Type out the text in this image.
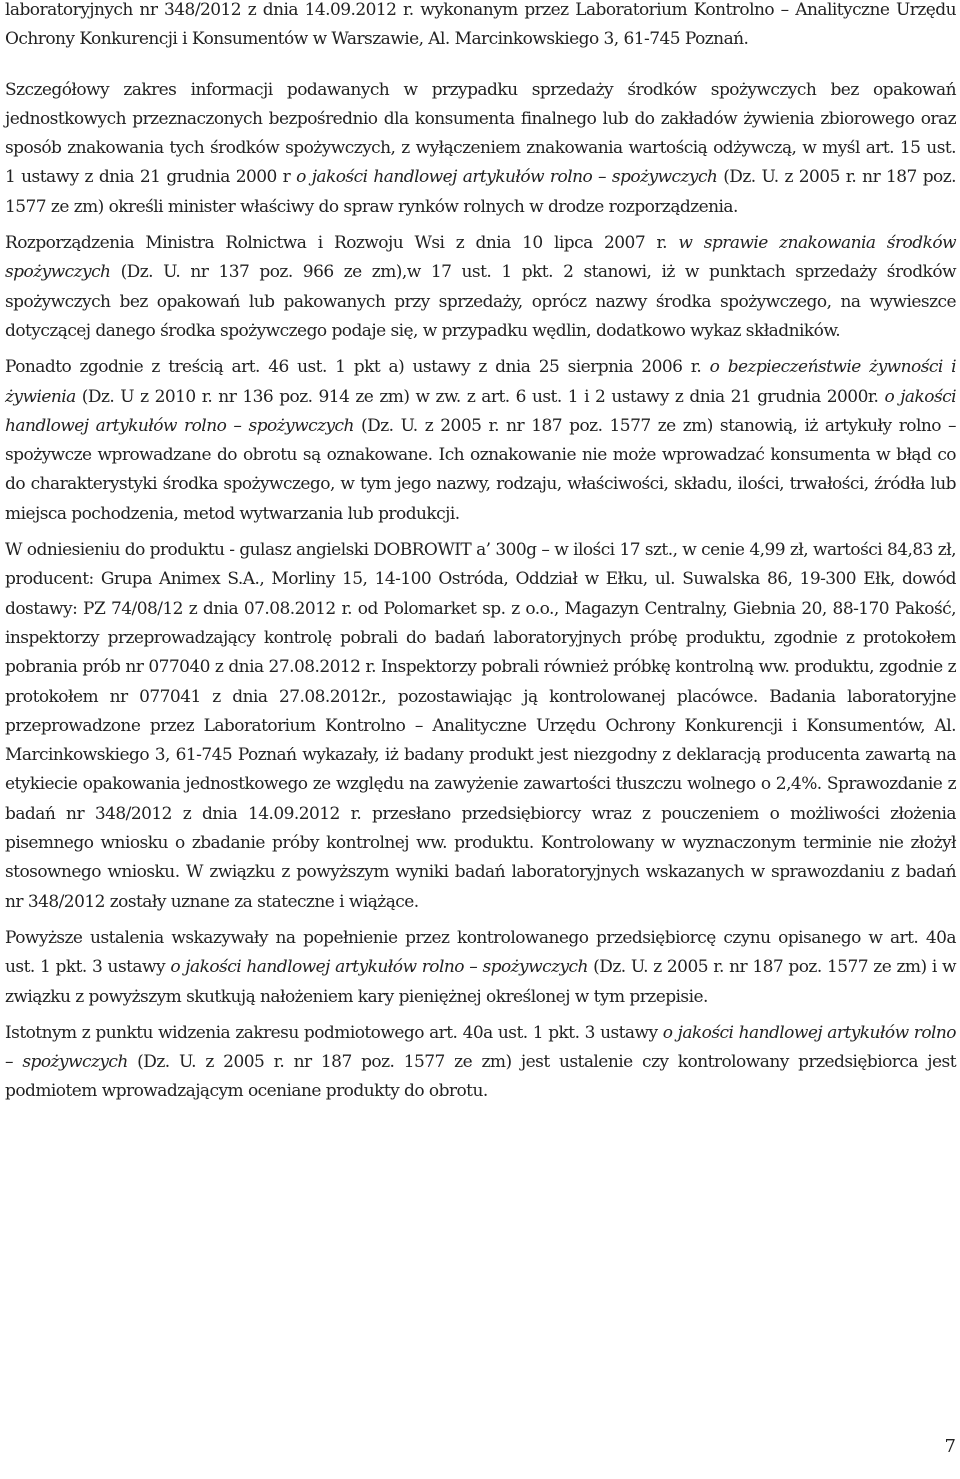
laboratoryjnych nr 348/2012 z dnia 14.09.2012 r. wykonanym przez Laboratorium Kontrolno – Analityczne Urzędu Ochrony Konkurencji i Konsumentów w Warszawie, Al. Marcinkowskiego 3, 61-745 Poznań.

Szczegółowy zakres informacji podawanych w przypadku sprzedaży środków spożywczych bez opakowań jednostkowych przeznaczonych bezpośrednio dla konsumenta finalnego lub do zakładów żywienia zbiorowego oraz sposób znakowania tych środków spożywczych, z wyłączeniem znakowania wartością odżywczą, w myśl art. 15 ust. 1 ustawy z dnia 21 grudnia 2000 r o jakości handlowej artykułów rolno – spożywczych (Dz. U. z 2005 r. nr 187 poz. 1577 ze zm) określi minister właściwy do spraw rynków rolnych w drodze rozporządzenia.

Rozporządzenia Ministra Rolnictwa i Rozwoju Wsi z dnia 10 lipca 2007 r. w sprawie znakowania środków spożywczych (Dz. U. nr 137 poz. 966 ze zm),w 17 ust. 1 pkt. 2 stanowi, iż w punktach sprzedaży środków spożywczych bez opakowań lub pakowanych przy sprzedaży, oprócz nazwy środka spożywczego, na wywieszce dotyczącej danego środka spożywczego podaje się, w przypadku wędlin, dodatkowo wykaz składników.

Ponadto zgodnie z treścią art. 46 ust. 1 pkt a) ustawy z dnia 25 sierpnia 2006 r. o bezpieczeństwie żywności i żywienia (Dz. U z 2010 r. nr 136 poz. 914 ze zm) w zw. z art. 6 ust. 1 i 2 ustawy z dnia 21 grudnia 2000r. o jakości handlowej artykułów rolno – spożywczych (Dz. U. z 2005 r. nr 187 poz. 1577 ze zm) stanowią, iż artykuły rolno – spożywcze wprowadzane do obrotu są oznakowane. Ich oznakowanie nie może wprowadzać konsumenta w błąd co do charakterystyki środka spożywczego, w tym jego nazwy, rodzaju, właściwości, składu, ilości, trwałości, źródła lub miejsca pochodzenia, metod wytwarzania lub produkcji.

W odniesieniu do produktu - gulasz angielski DOBROWIT a’ 300g – w ilości 17 szt., w cenie 4,99 zł, wartości 84,83 zł, producent: Grupa Animex S.A., Morliny 15, 14-100 Ostróda, Oddział w Ełku, ul. Suwalska 86, 19-300 Ełk, dowód dostawy: PZ 74/08/12 z dnia 07.08.2012 r. od Polomarket sp. z o.o., Magazyn Centralny, Giebnia 20, 88-170 Pakość, inspektorzy przeprowadzający kontrolę pobrali do badań laboratoryjnych próbę produktu, zgodnie z protokołem pobrania prób nr 077040 z dnia 27.08.2012 r. Inspektorzy pobrali również próbkę kontrolną ww. produktu, zgodnie z protokołem nr 077041 z dnia 27.08.2012r., pozostawiając ją kontrolowanej placówce. Badania laboratoryjne przeprowadzone przez Laboratorium Kontrolno – Analityczne Urzędu Ochrony Konkurencji i Konsumentów, Al. Marcinkowskiego 3, 61-745 Poznań wykazały, iż badany produkt jest niezgodny z deklaracją producenta zawartą na etykiecie opakowania jednostkowego ze względu na zawyżenie zawartości tłuszczu wolnego o 2,4%. Sprawozdanie z badań nr 348/2012 z dnia 14.09.2012 r. przesłano przedsiębiorcy wraz z pouczeniem o możliwości złożenia pisemnego wniosku o zbadanie próby kontrolnej ww. produktu. Kontrolowany w wyznaczonym terminie nie złożył stosownego wniosku. W związku z powyższym wyniki badań laboratoryjnych wskazanych w sprawozdaniu z badań nr 348/2012 zostały uznane za stateczne i wiążące.

Powyższe ustalenia wskazywały na popełnienie przez kontrolowanego przedsiębiorcę czynu opisanego w art. 40a ust. 1 pkt. 3 ustawy o jakości handlowej artykułów rolno – spożywczych (Dz. U. z 2005 r. nr 187 poz. 1577 ze zm) i w związku z powyższym skutkują nałożeniem kary pieniężnej określonej w tym przepisie.

Istotnym z punktu widzenia zakresu podmiotowego art. 40a ust. 1 pkt. 3 ustawy o jakości handlowej artykułów rolno – spożywczych (Dz. U. z 2005 r. nr 187 poz. 1577 ze zm) jest ustalenie czy kontrolowany przedsiębiorca jest podmiotem wprowadzającym oceniane produkty do obrotu.

7
